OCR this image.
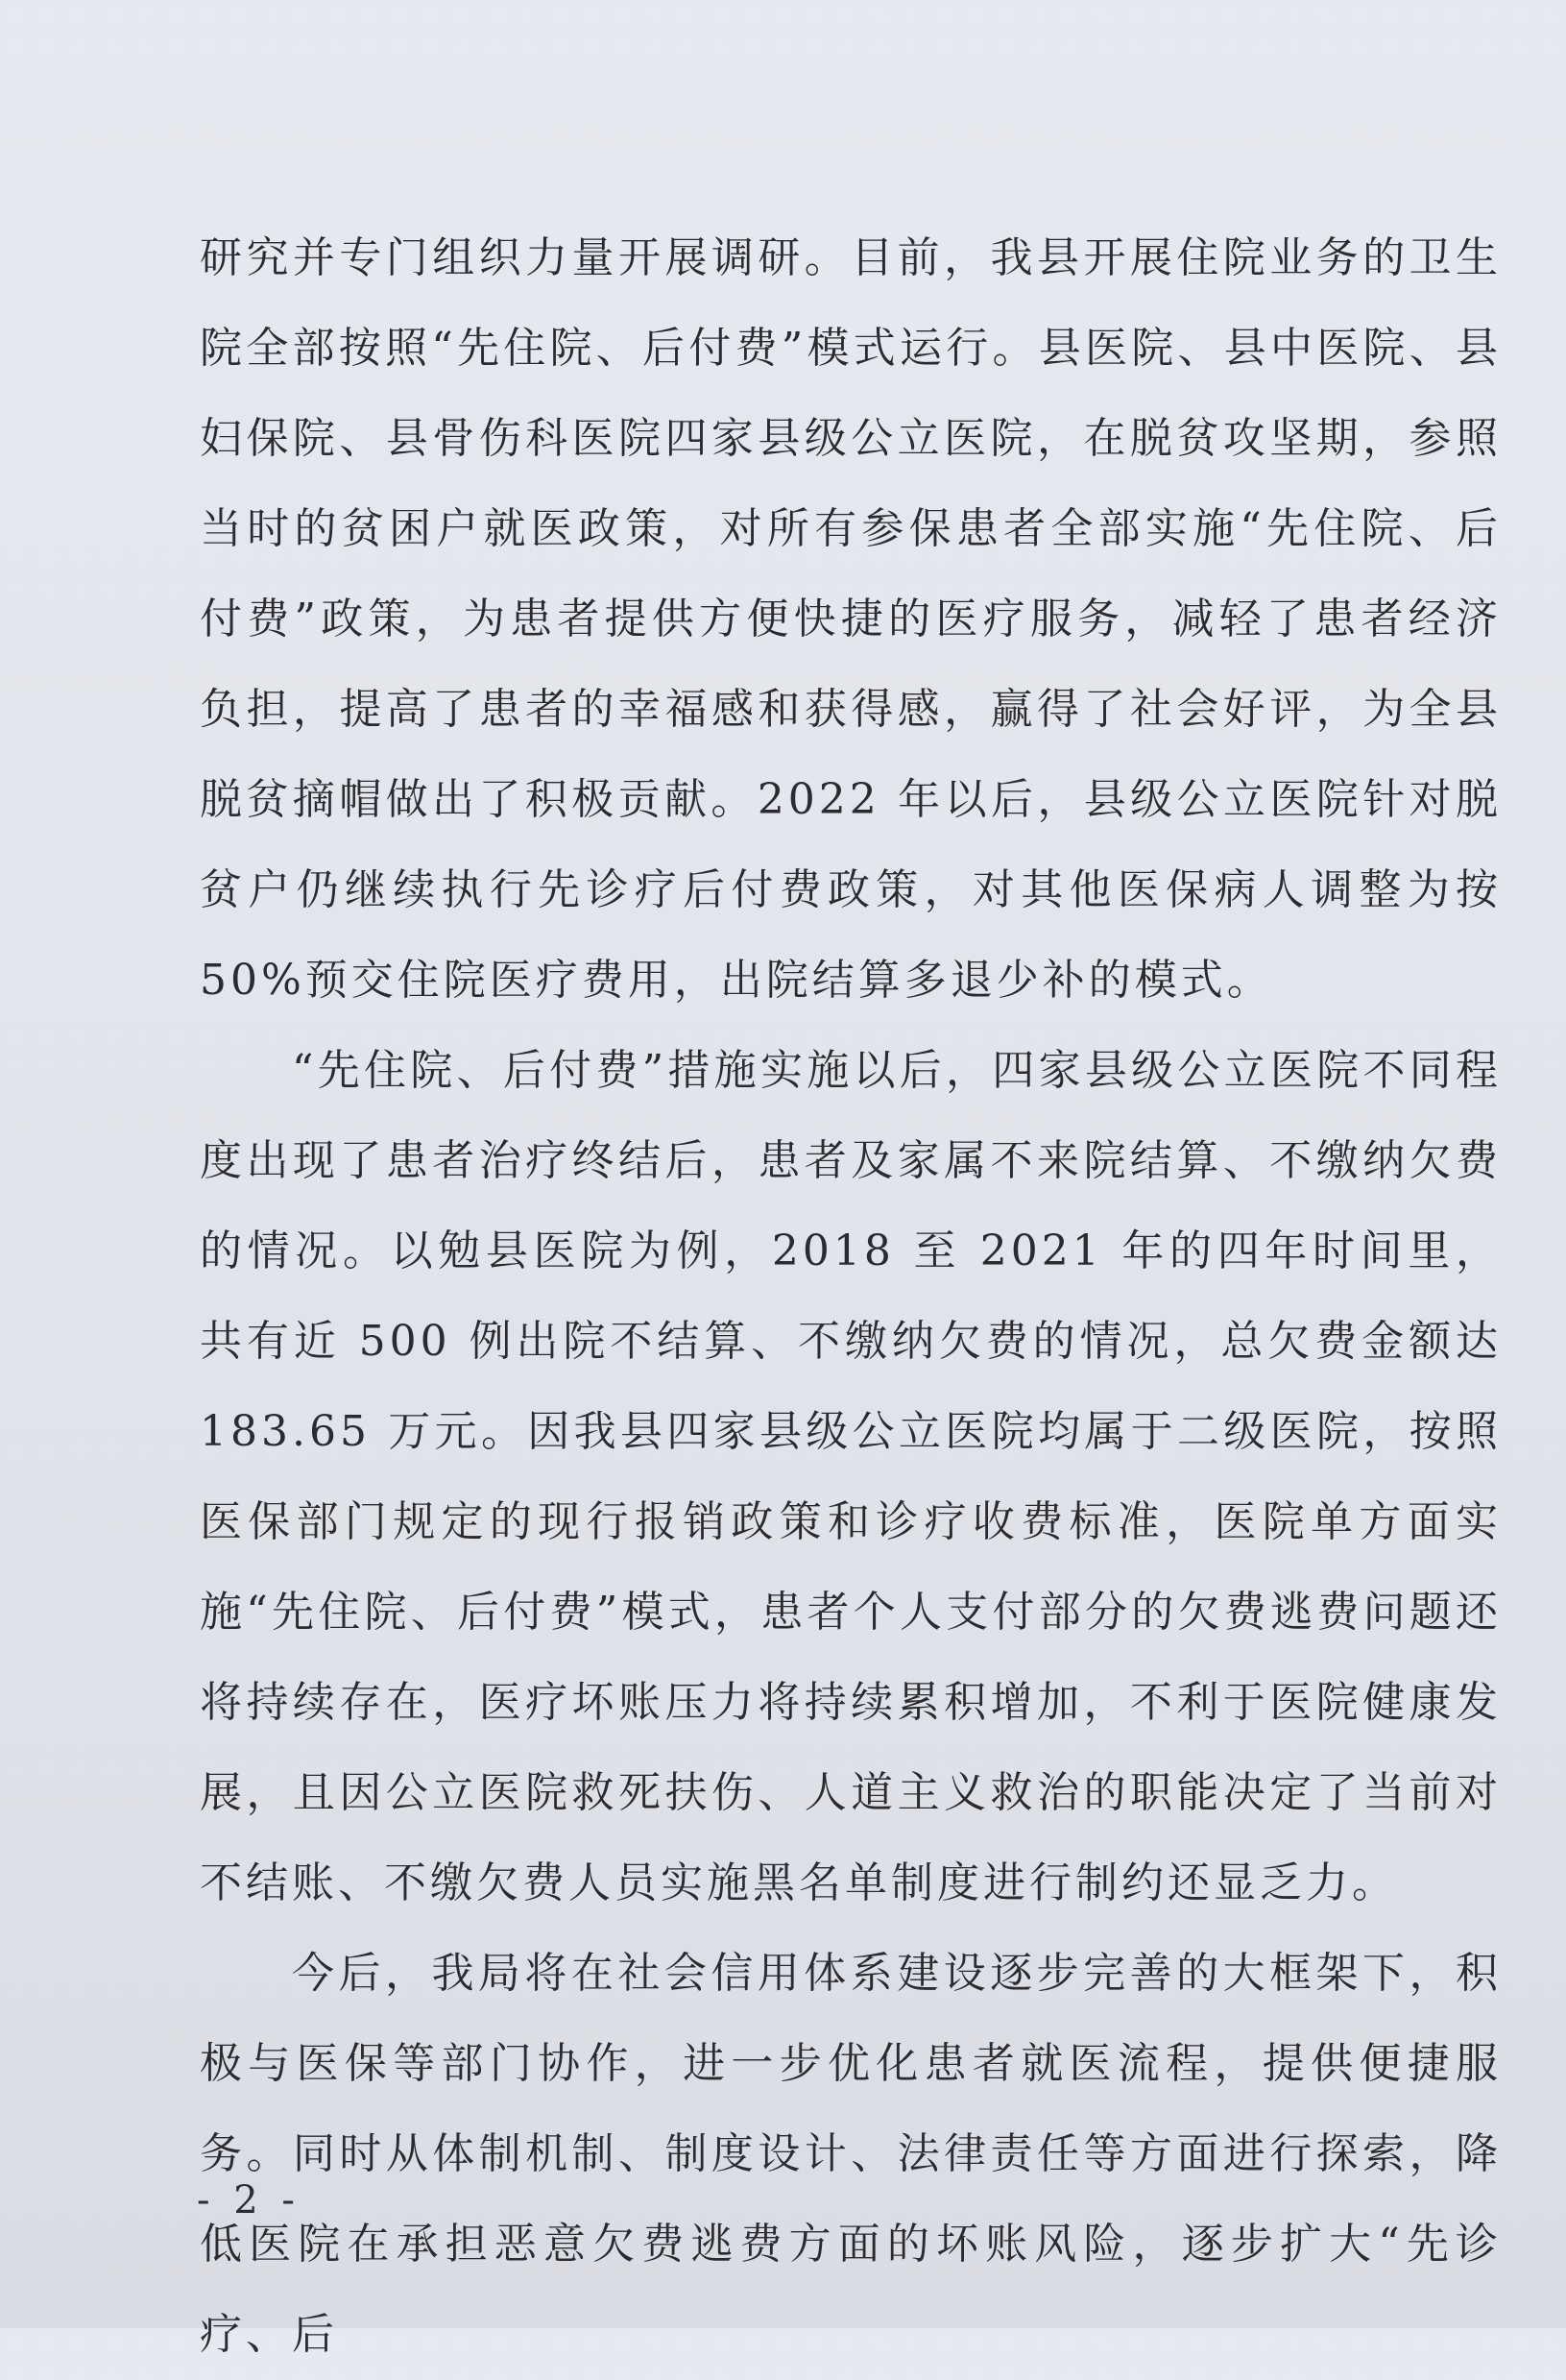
研究并专门组织力量开展调研。目前，我县开展住院业务的卫生院全部按照“先住院、后付费”模式运行。县医院、县中医院、县妇保院、县骨伤科医院四家县级公立医院，在脱贫攻坚期，参照当时的贫困户就医政策，对所有参保患者全部实施“先住院、后付费”政策，为患者提供方便快捷的医疗服务，减轻了患者经济负担，提高了患者的幸福感和获得感，赢得了社会好评，为全县脱贫摘帽做出了积极贡献。2022 年以后，县级公立医院针对脱贫户仍继续执行先诊疗后付费政策，对其他医保病人调整为按 50%预交住院医疗费用，出院结算多退少补的模式。

“先住院、后付费”措施实施以后，四家县级公立医院不同程度出现了患者治疗终结后，患者及家属不来院结算、不缴纳欠费的情况。以勉县医院为例，2018 至 2021 年的四年时间里，共有近 500 例出院不结算、不缴纳欠费的情况，总欠费金额达 183.65 万元。因我县四家县级公立医院均属于二级医院，按照医保部门规定的现行报销政策和诊疗收费标准，医院单方面实施“先住院、后付费”模式，患者个人支付部分的欠费逃费问题还将持续存在，医疗坏账压力将持续累积增加，不利于医院健康发展，且因公立医院救死扶伤、人道主义救治的职能决定了当前对不结账、不缴欠费人员实施黑名单制度进行制约还显乏力。

今后，我局将在社会信用体系建设逐步完善的大框架下，积极与医保等部门协作，进一步优化患者就医流程，提供便捷服务。同时从体制机制、制度设计、法律责任等方面进行探索，降低医院在承担恶意欠费逃费方面的坏账风险，逐步扩大“先诊疗、后

- 2 -
